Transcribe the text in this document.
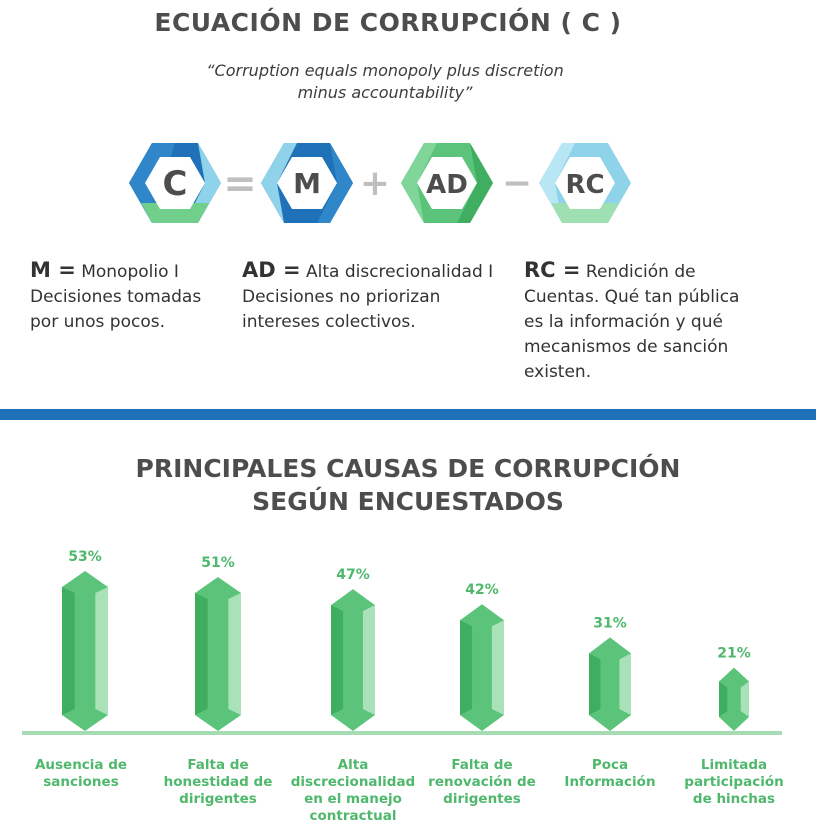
ECUACIÓN DE CORRUPCIÓN ( C )
“Corruption equals monopoly plus discretion
minus accountability”
C = M + AD − RC
M = Monopolio I Decisiones tomadas por unos pocos.
AD = Alta discrecionalidad I Decisiones no priorizan intereses colectivos.
RC = Rendición de Cuentas. Qué tan pública es la información y qué mecanismos de sanción existen.
PRINCIPALES CAUSAS DE CORRUPCIÓN
SEGÚN ENCUESTADOS
53%
Ausencia de
sanciones
51%
Falta de
honestidad de
dirigentes
47%
Alta
discrecionalidad
en el manejo
contractual
42%
Falta de
renovación de
dirigentes
31%
Poca
Información
21%
Limitada
participación
de hinchas
